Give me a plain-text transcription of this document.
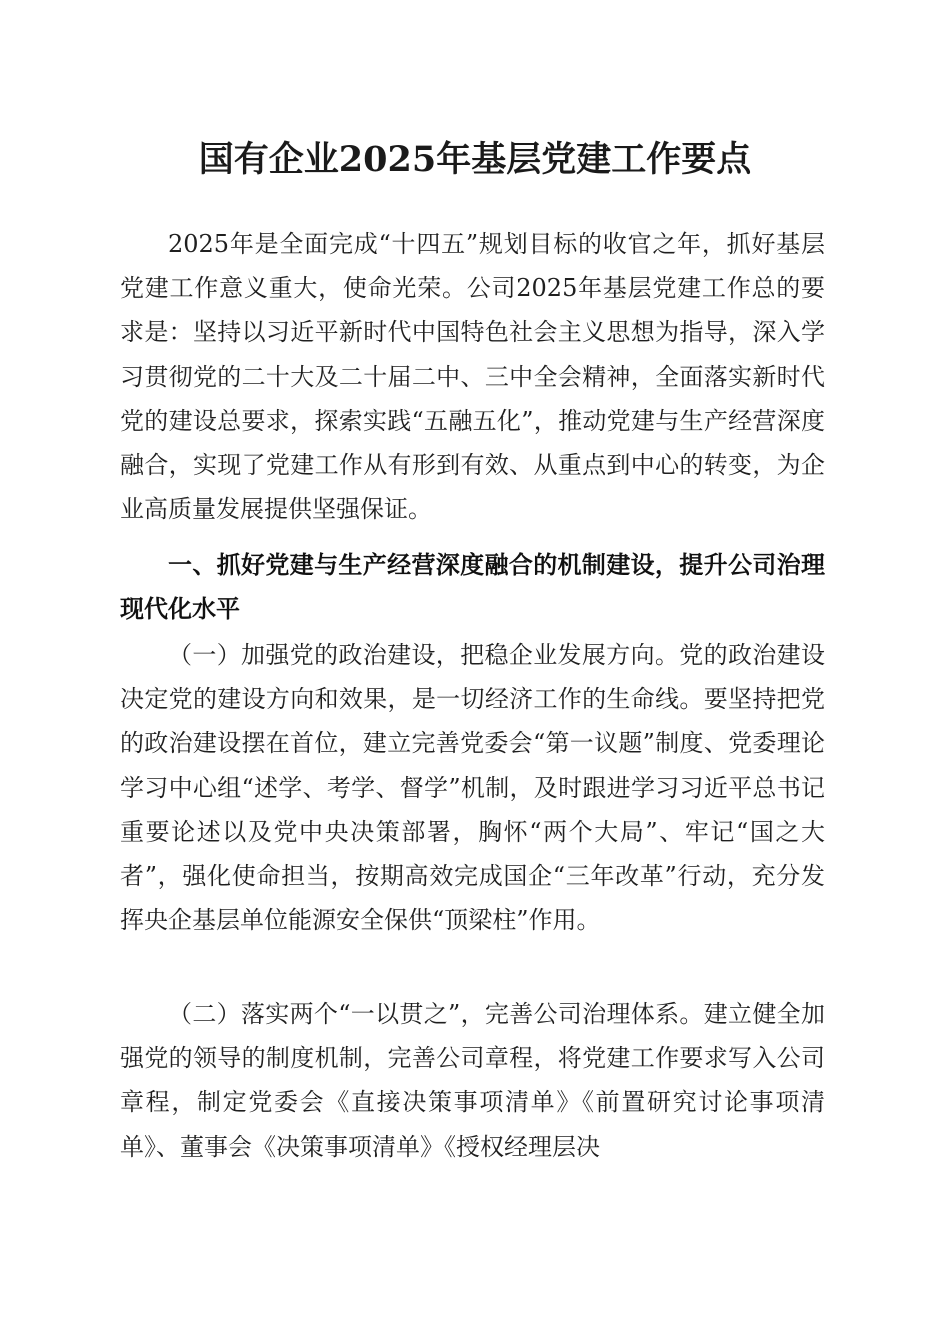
国有企业2025年基层党建工作要点
2025年是全面完成“十四五”规划目标的收官之年，抓好基层党建工作意义重大，使命光荣。公司2025年基层党建工作总的要求是：坚持以习近平新时代中国特色社会主义思想为指导，深入学习贯彻党的二十大及二十届二中、三中全会精神，全面落实新时代党的建设总要求，探索实践“五融五化”，推动党建与生产经营深度融合，实现了党建工作从有形到有效、从重点到中心的转变，为企业高质量发展提供坚强保证。
一、抓好党建与生产经营深度融合的机制建设，提升公司治理现代化水平
（一）加强党的政治建设，把稳企业发展方向。党的政治建设决定党的建设方向和效果，是一切经济工作的生命线。要坚持把党的政治建设摆在首位，建立完善党委会“第一议题”制度、党委理论学习中心组“述学、考学、督学”机制，及时跟进学习习近平总书记重要论述以及党中央决策部署，胸怀“两个大局”、牢记“国之大者”，强化使命担当，按期高效完成国企“三年改革”行动，充分发挥央企基层单位能源安全保供“顶梁柱”作用。
（二）落实两个“一以贯之”，完善公司治理体系。建立健全加强党的领导的制度机制，完善公司章程，将党建工作要求写入公司章程，制定党委会《直接决策事项清单》《前置研究讨论事项清单》、董事会《决策事项清单》《授权经理层决
